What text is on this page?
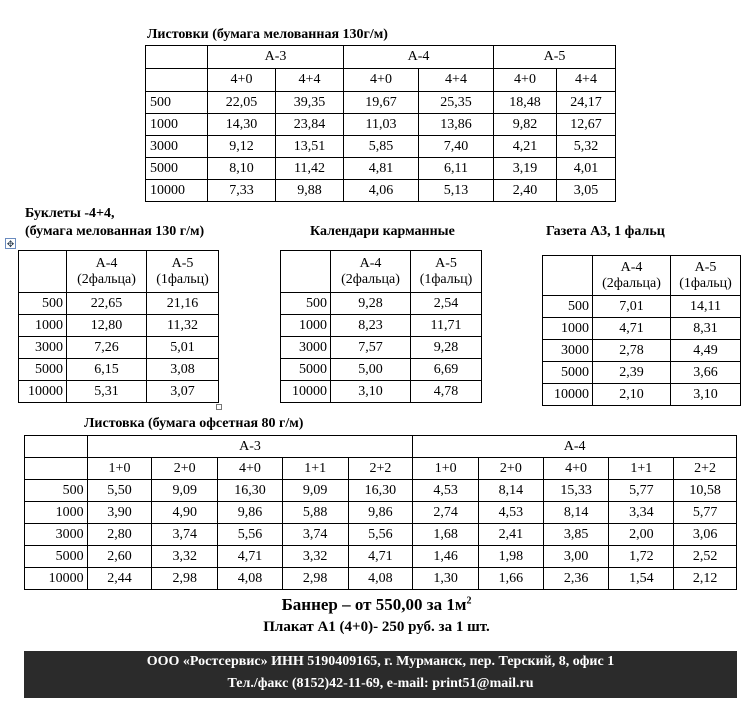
Листовки (бумага мелованная 130г/м)
	А-3		А-4		А-5	
	4+0	4+4	4+0	4+4	4+0	4+4
500	22,05	39,35	19,67	25,35	18,48	24,17
1000	14,30	23,84	11,03	13,86	9,82	12,67
3000	9,12	13,51	5,85	7,40	4,21	5,32
5000	8,10	11,42	4,81	6,11	3,19	4,01
10000	7,33	9,88	4,06	5,13	2,40	3,05
Буклеты -4+4,
(бумага мелованная 130 г/м)
✥
	А-4
(2фальца)	А-5
(1фальц)
500	22,65	21,16
1000	12,80	11,32
3000	7,26	5,01
5000	6,15	3,08
10000	5,31	3,07
Календари карманные
	А-4
(2фальца)	А-5
(1фальц)
500	9,28	2,54
1000	8,23	11,71
3000	7,57	9,28
5000	5,00	6,69
10000	3,10	4,78
Газета А3, 1 фальц
	А-4
(2фальца)	А-5
(1фальц)
500	7,01	14,11
1000	4,71	8,31
3000	2,78	4,49
5000	2,39	3,66
10000	2,10	3,10
Листовка (бумага офсетная 80 г/м)
	А-3					А-4				
	1+0	2+0	4+0	1+1	2+2	1+0	2+0	4+0	1+1	2+2
500	5,50	9,09	16,30	9,09	16,30	4,53	8,14	15,33	5,77	10,58
1000	3,90	4,90	9,86	5,88	9,86	2,74	4,53	8,14	3,34	5,77
3000	2,80	3,74	5,56	3,74	5,56	1,68	2,41	3,85	2,00	3,06
5000	2,60	3,32	4,71	3,32	4,71	1,46	1,98	3,00	1,72	2,52
10000	2,44	2,98	4,08	2,98	4,08	1,30	1,66	2,36	1,54	2,12
Баннер – от 550,00 за $1м^2$
Плакат А1 (4+0)- 250 руб. за 1 шт.
ООО «Ростсервис» ИНН 5190409165, г. Мурманск, пер. Терский, 8, офис 1
Тел./факс (8152)42-11-69, e-mail: print51@mail.ru
